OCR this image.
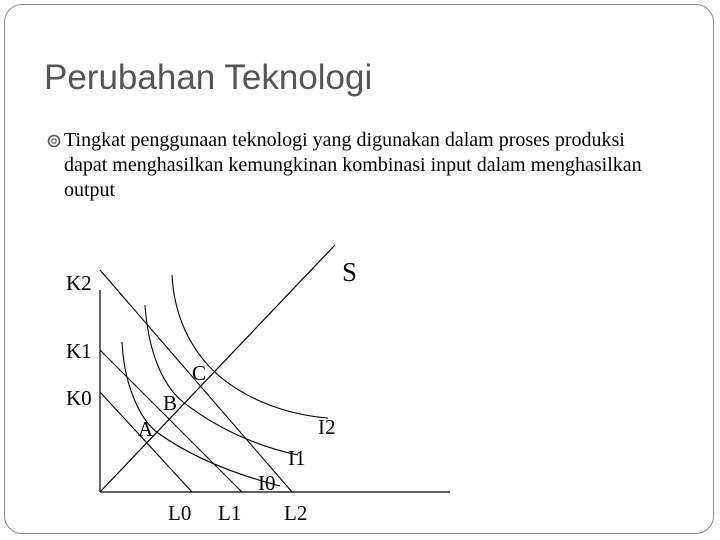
Perubahan Teknologi
Tingkat penggunaan teknologi yang digunakan dalam proses produksi dapat menghasilkan kemungkinan kombinasi input dalam menghasilkan output
S
K2
K1
K0
L0 L1 L2
A
B
C
I0
I1
I2
